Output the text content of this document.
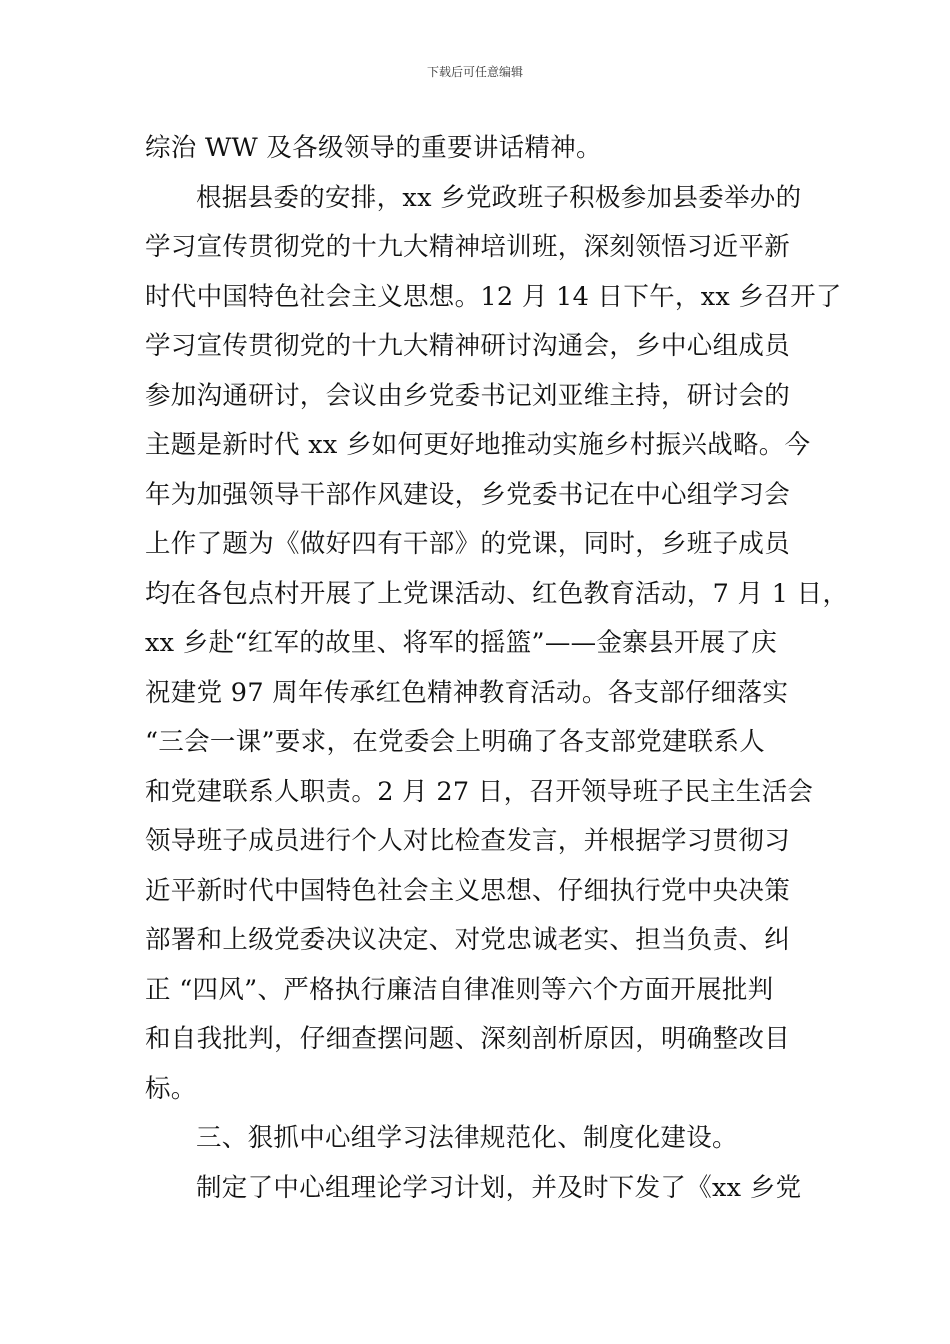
下载后可任意编辑
综治 WW 及各级领导的重要讲话精神。
根据县委的安排，xx 乡党政班子积极参加县委举办的
学习宣传贯彻党的十九大精神培训班，深刻领悟习近平新
时代中国特色社会主义思想。12 月 14 日下午，xx 乡召开了
学习宣传贯彻党的十九大精神研讨沟通会，乡中心组成员
参加沟通研讨，会议由乡党委书记刘亚维主持，研讨会的
主题是新时代 xx 乡如何更好地推动实施乡村振兴战略。今
年为加强领导干部作风建设，乡党委书记在中心组学习会
上作了题为《做好四有干部》的党课，同时，乡班子成员
均在各包点村开展了上党课活动、红色教育活动，7 月 1 日，
xx 乡赴“红军的故里、将军的摇篮”——金寨县开展了庆
祝建党 97 周年传承红色精神教育活动。各支部仔细落实
“三会一课”要求，在党委会上明确了各支部党建联系人
和党建联系人职责。2 月 27 日，召开领导班子民主生活会
领导班子成员进行个人对比检查发言，并根据学习贯彻习
近平新时代中国特色社会主义思想、仔细执行党中央决策
部署和上级党委决议决定、对党忠诚老实、担当负责、纠
正 “四风”、严格执行廉洁自律准则等六个方面开展批判
和自我批判，仔细查摆问题、深刻剖析原因，明确整改目
标。
三、狠抓中心组学习法律规范化、制度化建设。
制定了中心组理论学习计划，并及时下发了《xx 乡党
